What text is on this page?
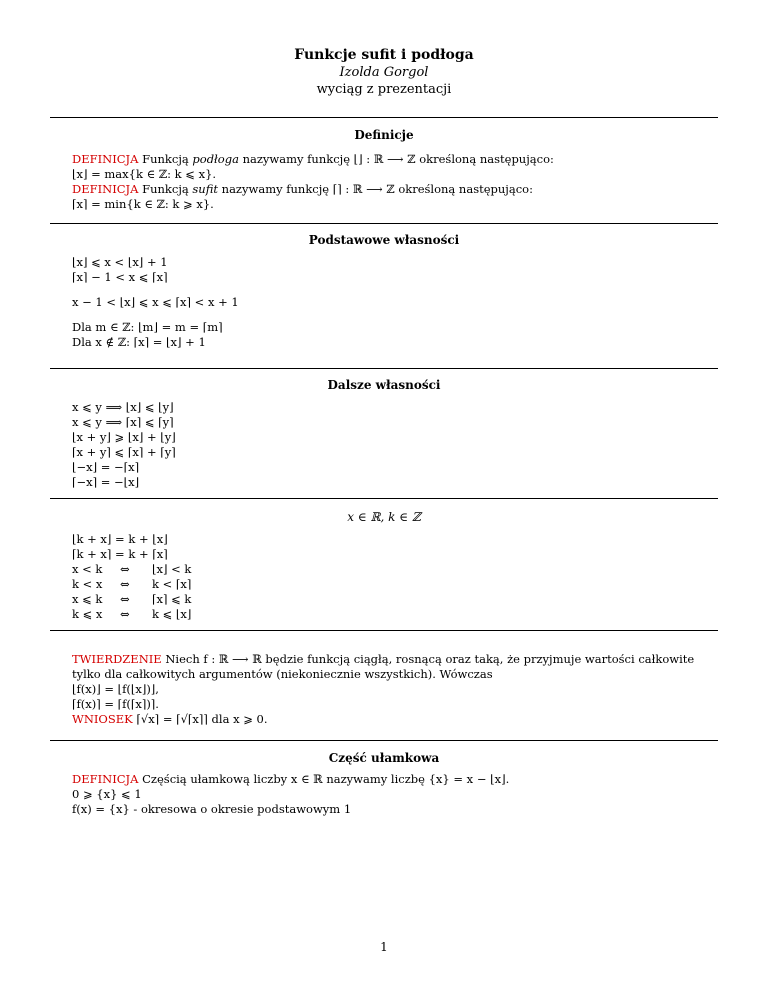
Funkcje sufit i podłoga
Izolda Gorgol
wyciąg z prezentacji
Definicje
DEFINICJA Funkcją podłoga nazywamy funkcję ⌊⌋ : ℝ ⟶ ℤ określoną następująco:
⌊x⌋ = max{k ∈ ℤ: k ⩽ x}.
DEFINICJA Funkcją sufit nazywamy funkcję ⌈⌉ : ℝ ⟶ ℤ określoną następująco:
⌈x⌉ = min{k ∈ ℤ: k ⩾ x}.
Podstawowe własności
⌊x⌋ ⩽ x < ⌊x⌋ + 1
⌈x⌉ − 1 < x ⩽ ⌈x⌉
x − 1 < ⌊x⌋ ⩽ x ⩽ ⌈x⌉ < x + 1
Dla m ∈ ℤ: ⌊m⌋ = m = ⌈m⌉
Dla x ∉ ℤ: ⌈x⌉ = ⌊x⌋ + 1
Dalsze własności
x ⩽ y ⟹ ⌊x⌋ ⩽ ⌊y⌋
x ⩽ y ⟹ ⌈x⌉ ⩽ ⌈y⌉
⌊x + y⌋ ⩾ ⌊x⌋ + ⌊y⌋
⌈x + y⌉ ⩽ ⌈x⌉ + ⌈y⌉
⌊−x⌋ = −⌈x⌉
⌈−x⌉ = −⌊x⌋
x ∈ ℝ, k ∈ ℤ
⌊k + x⌋ = k + ⌊x⌋
⌈k + x⌉ = k + ⌈x⌉
x < k ⇔ ⌊x⌋ < k
k < x ⇔ k < ⌈x⌉
x ⩽ k ⇔ ⌈x⌉ ⩽ k
k ⩽ x ⇔ k ⩽ ⌊x⌋
TWIERDZENIE Niech f : ℝ ⟶ ℝ będzie funkcją ciągłą, rosnącą oraz taką, że przyjmuje wartości całkowite tylko dla całkowitych argumentów (niekoniecznie wszystkich). Wówczas
⌊f(x)⌋ = ⌊f(⌊x⌋)⌋,
⌈f(x)⌉ = ⌈f(⌈x⌉)⌉.
WNIOSEK ⌈√x⌉ = ⌈√⌈x⌉⌉ dla x ⩾ 0.
Część ułamkowa
DEFINICJA Częścią ułamkową liczby x ∈ ℝ nazywamy liczbę {x} = x − ⌊x⌋.
0 ⩾ {x} ⩽ 1
f(x) = {x} - okresowa o okresie podstawowym 1
1
